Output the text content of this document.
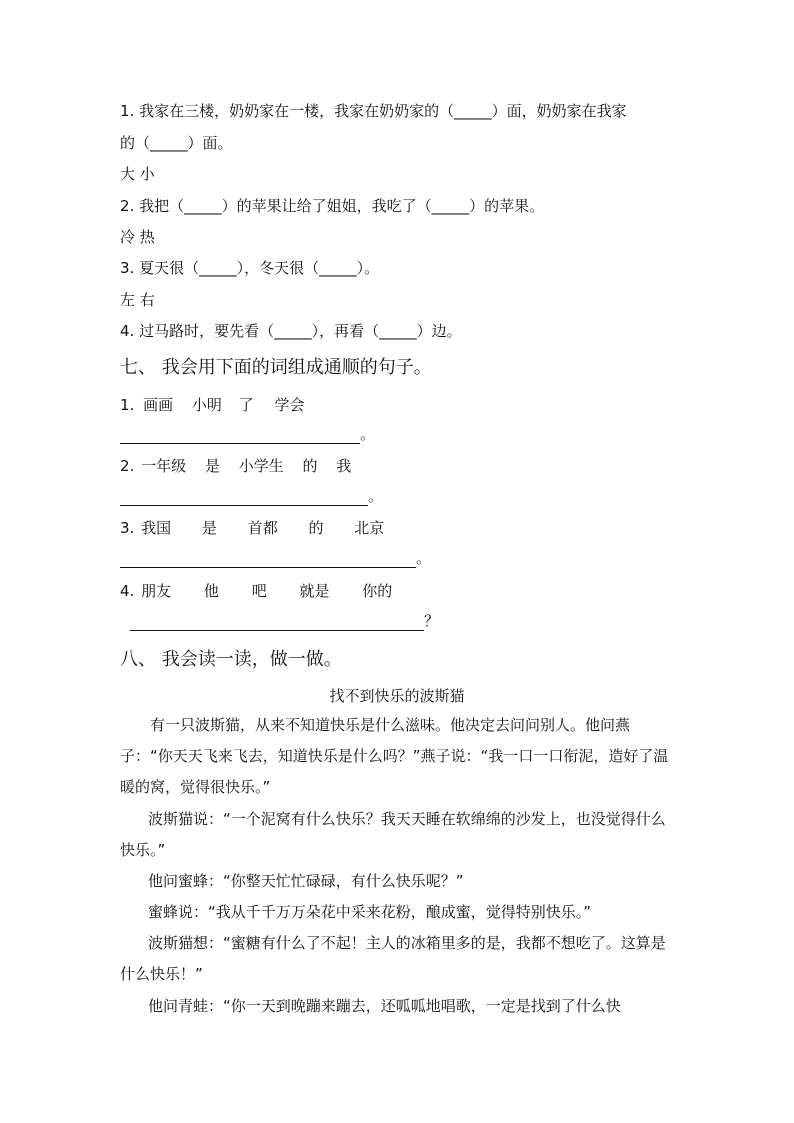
1. 我家在三楼，奶奶家在一楼，我家在奶奶家的（_____）面，奶奶家在我家
的（_____）面。
大 小
2. 我把（_____）的苹果让给了姐姐，我吃了（_____）的苹果。
冷 热
3. 夏天很（_____），冬天很（_____）。
左 右
4. 过马路时，要先看（_____），再看（_____）边。
七、 我会用下面的词组成通顺的句子。
1. 画画 小明 了 学会
。
2. 一年级 是 小学生 的 我
。
3. 我国 是 首都 的 北京
。
4. 朋友 他 吧 就是 你的
？
八、 我会读一读，做一做。
找不到快乐的波斯猫
有一只波斯猫，从来不知道快乐是什么滋味。他决定去问问别人。他问燕子：“你天天飞来飞去，知道快乐是什么吗？”燕子说：“我一口一口衔泥，造好了温暖的窝，觉得很快乐。”
波斯猫说：“一个泥窝有什么快乐？我天天睡在软绵绵的沙发上，也没觉得什么快乐。”
他问蜜蜂：“你整天忙忙碌碌，有什么快乐呢？”
蜜蜂说：“我从千千万万朵花中采来花粉，酿成蜜，觉得特别快乐。”
波斯猫想：“蜜糖有什么了不起！主人的冰箱里多的是，我都不想吃了。这算是什么快乐！”
他问青蛙：“你一天到晚蹦来蹦去，还呱呱地唱歌，一定是找到了什么快
